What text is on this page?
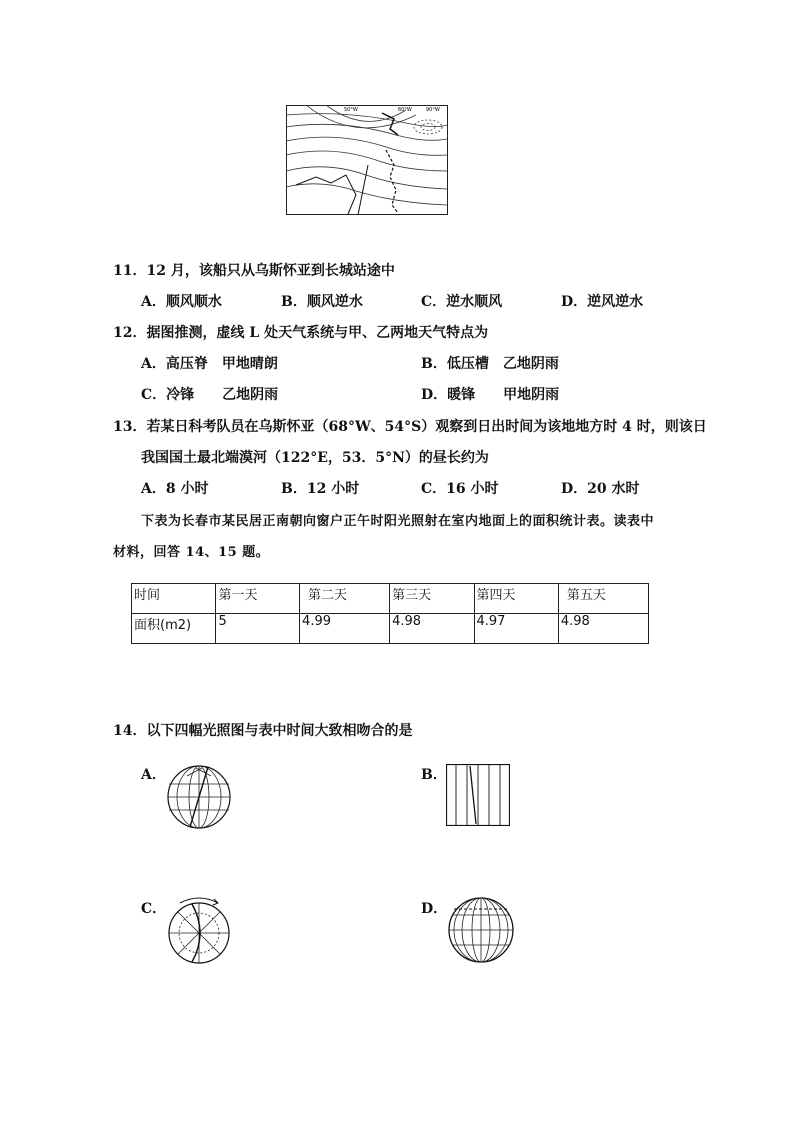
50°W	60°W	90°W
11．12 月，该船只从乌斯怀亚到长城站途中
A．顺风顺水	B．顺风逆水	C．逆水顺风	D．逆风逆水
12．据图推测，虚线 L 处天气系统与甲、乙两地天气特点为
A．高压脊　甲地晴朗	B．低压槽　乙地阴雨
C．冷锋　　乙地阴雨	D．暖锋　　甲地阴雨
13．若某日科考队员在乌斯怀亚（68°W、54°S）观察到日出时间为该地地方时 4 时，则该日
我国国土最北端漠河（122°E，53．5°N）的昼长约为
A．8 小时	B．12 小时	C．16 小时	D．20 水时
下表为长春市某民居正南朝向窗户正午时阳光照射在室内地面上的面积统计表。读表中
材料，回答 14、15 题。
时间	第一天	第二天	第三天	第四天	第五天
面积(m2)	5	4.99	4.98	4.97	4.98
14．以下四幅光照图与表中时间大致相吻合的是
A．	B．
C．	D．
